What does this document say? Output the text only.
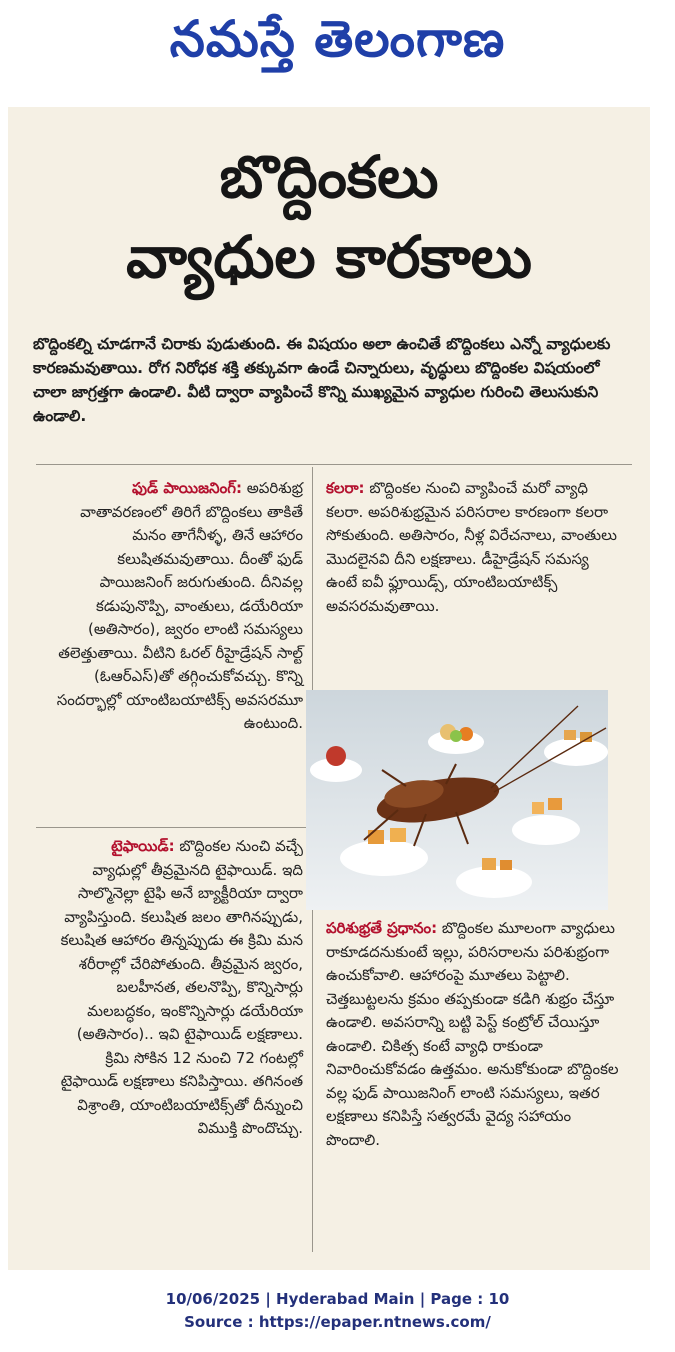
నమస్తే తెలంగాణ
బొద్దింకలు
వ్యాధుల కారకాలు
బొద్దింకల్ని చూడగానే చిరాకు పుడుతుంది. ఈ విషయం అలా ఉంచితే బొద్దింకలు ఎన్నో వ్యాధులకు కారణమవుతాయి. రోగ నిరోధక శక్తి తక్కువగా ఉండే చిన్నారులు, వృద్ధులు బొద్దింకల విషయంలో చాలా జాగ్రత్తగా ఉండాలి. వీటి ద్వారా వ్యాపించే కొన్ని ముఖ్యమైన వ్యాధుల గురించి తెలుసుకుని ఉండాలి.
ఫుడ్ పాయిజనింగ్: అపరిశుభ్ర వాతావరణంలో తిరిగే బొద్దింకలు తాకితే మనం తాగేనీళ్ళ, తినే ఆహారం కలుషితమవుతాయి. దీంతో ఫుడ్ పాయిజనింగ్ జరుగుతుంది. దీనివల్ల కడుపునొప్పి, వాంతులు, డయేరియా (అతిసారం), జ్వరం లాంటి సమస్యలు తలెత్తుతాయి. వీటిని ఓరల్ రీహైడ్రేషన్ సాల్ట్ (ఓఆర్ఎస్)తో తగ్గించుకోవచ్చు. కొన్ని సందర్భాల్లో యాంటిబయాటిక్స్ అవసరమూ ఉంటుంది.
టైఫాయిడ్: బొద్దింకల నుంచి వచ్చే వ్యాధుల్లో తీవ్రమైనది టైఫాయిడ్. ఇది సాల్మొనెల్లా టైఫి అనే బ్యాక్టీరియా ద్వారా వ్యాపిస్తుంది. కలుషిత జలం తాగినప్పుడు, కలుషిత ఆహారం తిన్నప్పుడు ఈ క్రిమి మన శరీరాల్లో చేరిపోతుంది. తీవ్రమైన జ్వరం, బలహీనత, తలనొప్పి, కొన్నిసార్లు మలబద్ధకం, ఇంకొన్నిసార్లు డయేరియా (అతిసారం).. ఇవి టైఫాయిడ్ లక్షణాలు. క్రిమి సోకిన 12 నుంచి 72 గంటల్లో టైఫాయిడ్ లక్షణాలు కనిపిస్తాయి. తగినంత విశ్రాంతి, యాంటిబయాటిక్స్‌తో దీన్నుంచి విముక్తి పొందొచ్చు.
కలరా: బొద్దింకల నుంచి వ్యాపించే మరో వ్యాధి కలరా. అపరిశుభ్రమైన పరిసరాల కారణంగా కలరా సోకుతుంది. అతిసారం, నీళ్ల విరేచనాలు, వాంతులు మొదలైనవి దీని లక్షణాలు. డీహైడ్రేషన్ సమస్య ఉంటే ఐవీ ఫ్లూయిడ్స్, యాంటిబయాటిక్స్ అవసరమవుతాయి.
పరిశుభ్రతే ప్రధానం: బొద్దింకల మూలంగా వ్యాధులు రాకూడదనుకుంటే ఇల్లు, పరిసరాలను పరిశుభ్రంగా ఉంచుకోవాలి. ఆహారంపై మూతలు పెట్టాలి. చెత్తబుట్టలను క్రమం తప్పకుండా కడిగి శుభ్రం చేస్తూ ఉండాలి. అవసరాన్ని బట్టి పెస్ట్ కంట్రోల్ చేయిస్తూ ఉండాలి. చికిత్స కంటే వ్యాధి రాకుండా నివారించుకోవడం ఉత్తమం. అనుకోకుండా బొద్దింకల వల్ల ఫుడ్ పాయిజనింగ్ లాంటి సమస్యలు, ఇతర లక్షణాలు కనిపిస్తే సత్వరమే వైద్య సహాయం పొందాలి.
10/06/2025 | Hyderabad Main | Page : 10
Source : https://epaper.ntnews.com/
